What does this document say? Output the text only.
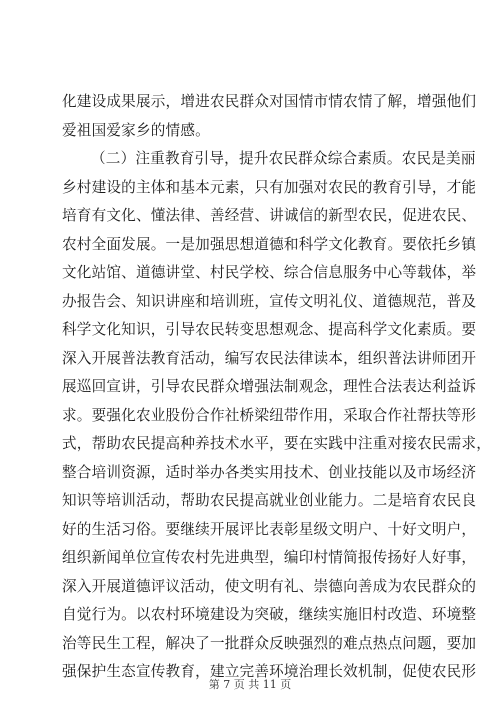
化建设成果展示，增进农民群众对国情市情农情了解，增强他们
爱祖国爱家乡的情感。
（二）注重教育引导，提升农民群众综合素质。农民是美丽
乡村建设的主体和基本元素，只有加强对农民的教育引导，才能
培育有文化、懂法律、善经营、讲诚信的新型农民，促进农民、
农村全面发展。一是加强思想道德和科学文化教育。要依托乡镇
文化站馆、道德讲堂、村民学校、综合信息服务中心等载体，举
办报告会、知识讲座和培训班，宣传文明礼仪、道德规范，普及
科学文化知识，引导农民转变思想观念、提高科学文化素质。要
深入开展普法教育活动，编写农民法律读本，组织普法讲师团开
展巡回宣讲，引导农民群众增强法制观念，理性合法表达利益诉
求。要强化农业股份合作社桥梁纽带作用，采取合作社帮扶等形
式，帮助农民提高种养技术水平，要在实践中注重对接农民需求，
整合培训资源，适时举办各类实用技术、创业技能以及市场经济
知识等培训活动，帮助农民提高就业创业能力。二是培育农民良
好的生活习俗。要继续开展评比表彰星级文明户、十好文明户，
组织新闻单位宣传农村先进典型，编印村情简报传扬好人好事，
深入开展道德评议活动，使文明有礼、崇德向善成为农民群众的
自觉行为。以农村环境建设为突破，继续实施旧村改造、环境整
治等民生工程，解决了一批群众反映强烈的难点热点问题，要加
强保护生态宣传教育，建立完善环境治理长效机制，促使农民形
第 7 页 共 11 页
